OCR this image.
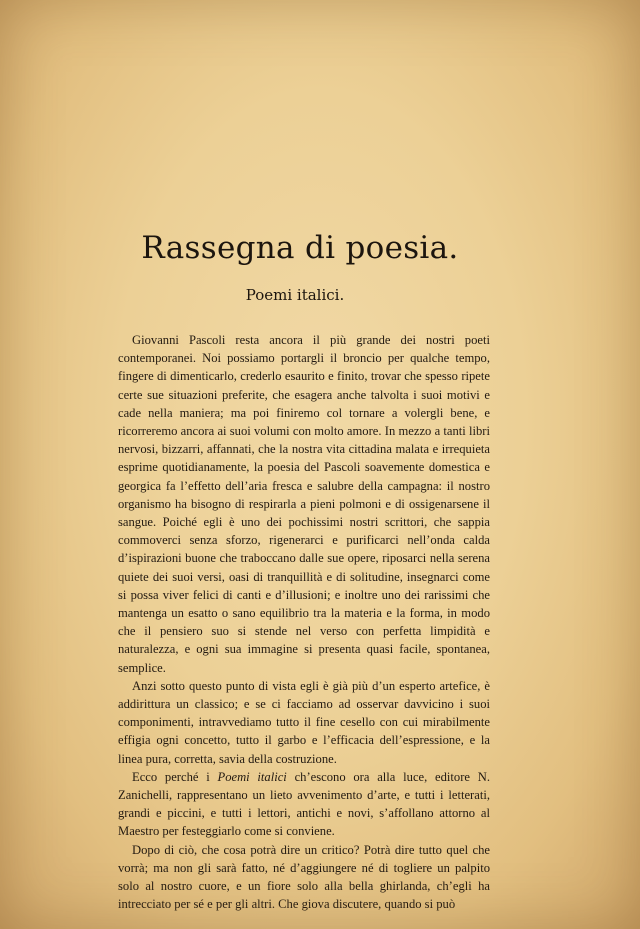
Rassegna di poesia.
Poemi italici.

Giovanni Pascoli resta ancora il più grande dei nostri poeti contemporanei. Noi possiamo portargli il broncio per qualche tempo, fingere di dimenticarlo, crederlo esaurito e finito, trovar che spesso ripete certe sue situazioni preferite, che esagera anche talvolta i suoi motivi e cade nella maniera; ma poi finiremo col tornare a volergli bene, e ricorreremo ancora ai suoi volumi con molto amore. In mezzo a tanti libri nervosi, bizzarri, affannati, che la nostra vita cittadina malata e irrequieta esprime quotidianamente, la poesia del Pascoli soavemente domestica e georgica fa l’effetto dell’aria fresca e salubre della campagna: il nostro organismo ha bisogno di respirarla a pieni polmoni e di ossigenarsene il sangue. Poiché egli è uno dei pochissimi nostri scrittori, che sappia commoverci senza sforzo, rigenerarci e purificarci nell’onda calda d’ispirazioni buone che traboccano dalle sue opere, riposarci nella serena quiete dei suoi versi, oasi di tranquillità e di solitudine, insegnarci come si possa viver felici di canti e d’illusioni; e inoltre uno dei rarissimi che mantenga un esatto o sano equilibrio tra la materia e la forma, in modo che il pensiero suo si stende nel verso con perfetta limpidità e naturalezza, e ogni sua immagine si presenta quasi facile, spontanea, semplice.

Anzi sotto questo punto di vista egli è già più d’un esperto artefice, è addirittura un classico; e se ci facciamo ad osservar davvicino i suoi componimenti, intravvediamo tutto il fine cesello con cui mirabilmente effigia ogni concetto, tutto il garbo e l’efficacia dell’espressione, e la linea pura, corretta, savia della costruzione.

Ecco perché i Poemi italici ch’escono ora alla luce, editore N. Zanichelli, rappresentano un lieto avvenimento d’arte, e tutti i letterati, grandi e piccini, e tutti i lettori, antichi e novi, s’affollano attorno al Maestro per festeggiarlo come si conviene.

Dopo di ciò, che cosa potrà dire un critico? Potrà dire tutto quel che vorrà; ma non gli sarà fatto, né d’aggiungere né di togliere un palpito solo al nostro cuore, e un fiore solo alla bella ghirlanda, ch’egli ha intrecciato per sé e per gli altri. Che giova discutere, quando si può
